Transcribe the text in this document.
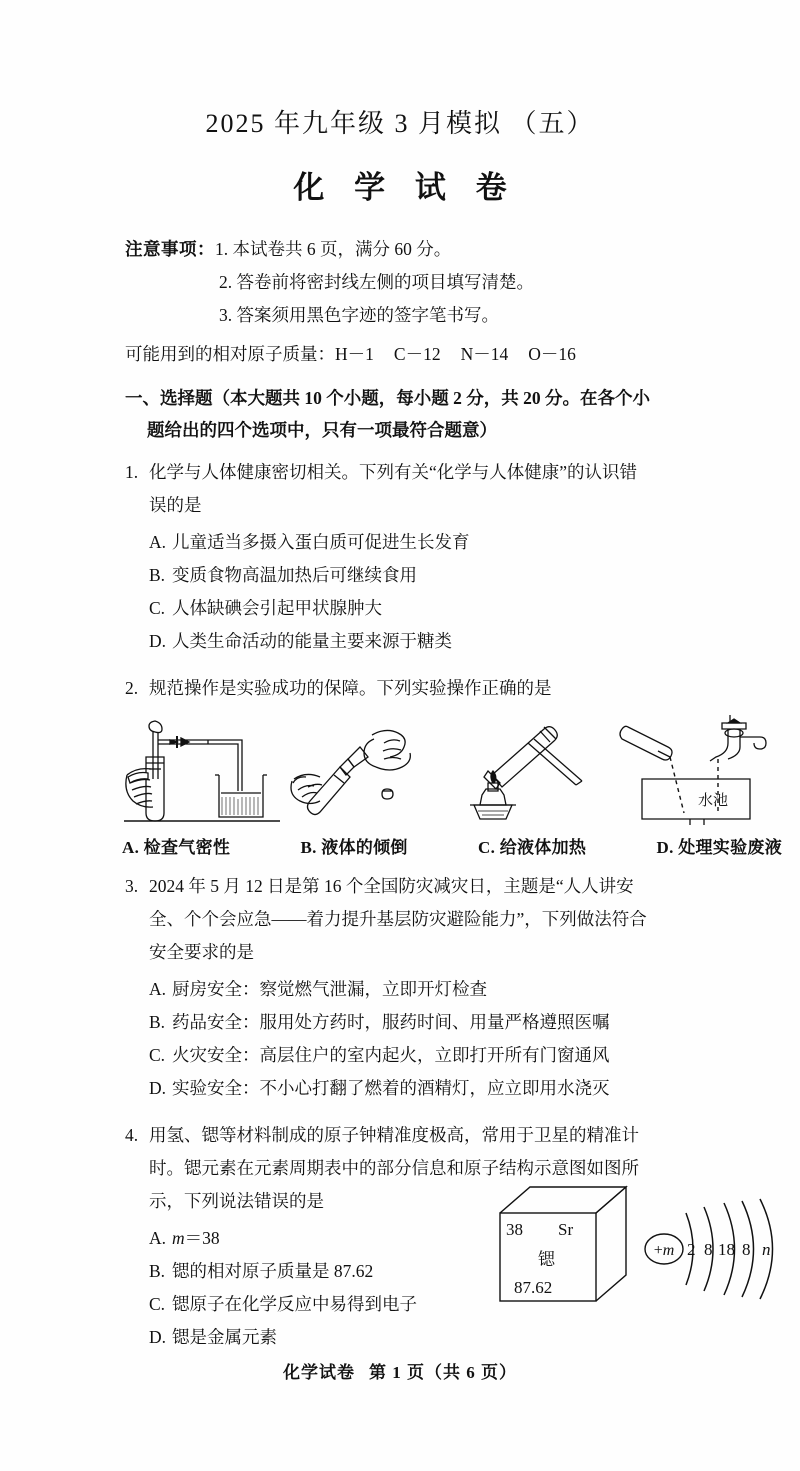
2025 年九年级 3 月模拟 （五）
化 学 试 卷
注意事项：1. 本试卷共 6 页，满分 60 分。
2. 答卷前将密封线左侧的项目填写清楚。
3. 答案须用黑色字迹的签字笔书写。
可能用到的相对原子质量：H－1 C－12 N－14 O－16
一、选择题（本大题共 10 个小题，每小题 2 分，共 20 分。在各个小
题给出的四个选项中，只有一项最符合题意）
1. 化学与人体健康密切相关。下列有关“化学与人体健康”的认识错
误的是
A. 儿童适当多摄入蛋白质可促进生长发育
B. 变质食物高温加热后可继续食用
C. 人体缺碘会引起甲状腺肿大
D. 人类生命活动的能量主要来源于糖类
2. 规范操作是实验成功的保障。下列实验操作正确的是
水池
A. 检查气密性	B. 液体的倾倒	C. 给液体加热	D. 处理实验废液
3. 2024 年 5 月 12 日是第 16 个全国防灾减灾日，主题是“人人讲安
全、个个会应急——着力提升基层防灾避险能力”，下列做法符合
安全要求的是
A. 厨房安全：察觉燃气泄漏，立即开灯检查
B. 药品安全：服用处方药时，服药时间、用量严格遵照医嘱
C. 火灾安全：高层住户的室内起火，立即打开所有门窗通风
D. 实验安全：不小心打翻了燃着的酒精灯，应立即用水浇灭
4. 用氢、锶等材料制成的原子钟精准度极高，常用于卫星的精准计
时。锶元素在元素周期表中的部分信息和原子结构示意图如图所
示，下列说法错误的是
A. m＝38
B. 锶的相对原子质量是 87.62
C. 锶原子在化学反应中易得到电子
D. 锶是金属元素
38 Sr
锶
87.62
+m 2 8 18 8 n
化学试卷 第 1 页（共 6 页）
